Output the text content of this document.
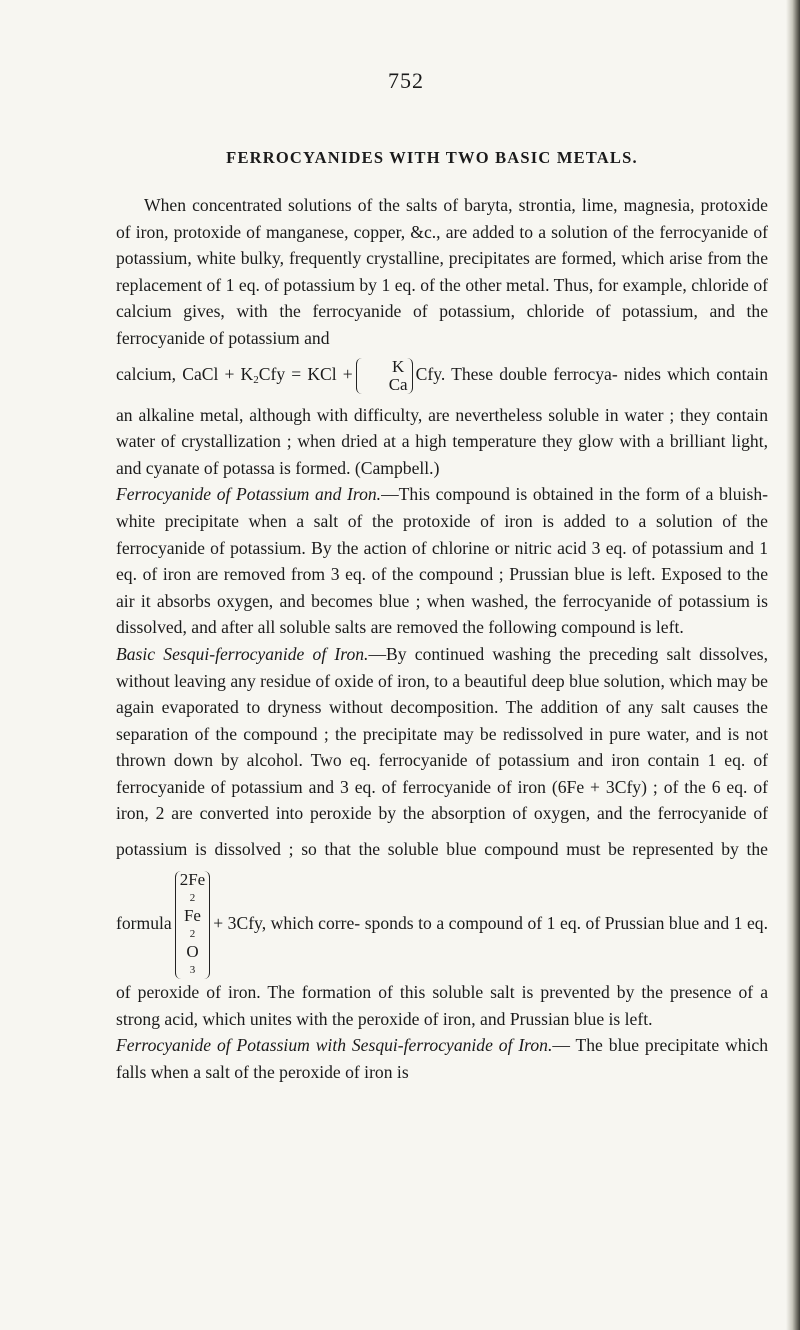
752
FERROCYANIDES WITH TWO BASIC METALS.

When concentrated solutions of the salts of baryta, strontia, lime, magnesia, protoxide of iron, protoxide of manganese, copper, &c., are added to a solution of the ferrocyanide of potassium, white bulky, frequently crystalline, precipitates are formed, which arise from the replacement of 1 eq. of potassium by 1 eq. of the other metal. Thus, for example, chloride of calcium gives, with the ferrocyanide of potassium, chloride of potassium, and the ferrocyanide of potassium and
calcium, CaCl + $K_2Cfy$ = KCl +	K
Ca
Cfy. These double ferrocya- nides which contain an alkaline metal, although with difficulty, are nevertheless soluble in water ; they contain water of crystallization ; when dried at a high temperature they glow with a brilliant light, and cyanate of potassa is formed. (Campbell.)

Ferrocyanide of Potassium and Iron.—This compound is obtained in the form of a bluish-white precipitate when a salt of the protoxide of iron is added to a solution of the ferrocyanide of potassium. By the action of chlorine or nitric acid 3 eq. of potassium and 1 eq. of iron are removed from 3 eq. of the compound ; Prussian blue is left. Exposed to the air it absorbs oxygen, and becomes blue ; when washed, the ferrocyanide of potassium is dissolved, and after all soluble salts are removed the following compound is left.

Basic Sesqui-ferrocyanide of Iron.—By continued washing the preceding salt dissolves, without leaving any residue of oxide of iron, to a beautiful deep blue solution, which may be again evaporated to dryness without decomposition. The addition of any salt causes the separation of the compound ; the precipitate may be redissolved in pure water, and is not thrown down by alcohol. Two eq. ferrocyanide of potassium and iron contain 1 eq. of ferrocyanide of potassium and 3 eq. of ferrocyanide of iron (6Fe + 3Cfy) ; of the 6 eq. of iron, 2 are converted into peroxide by the absorption of oxygen, and the ferrocyanide of potassium is dissolved ; so that the soluble blue compound must be represented by the formula
2Fe
2
Fe
2
O
3
+ 3Cfy, which corre- sponds to a compound of 1 eq. of Prussian blue and 1 eq. of peroxide of iron. The formation of this soluble salt is prevented by the presence of a strong acid, which unites with the peroxide of iron, and Prussian blue is left.

Ferrocyanide of Potassium with Sesqui-ferrocyanide of Iron.— The blue precipitate which falls when a salt of the peroxide of iron is
